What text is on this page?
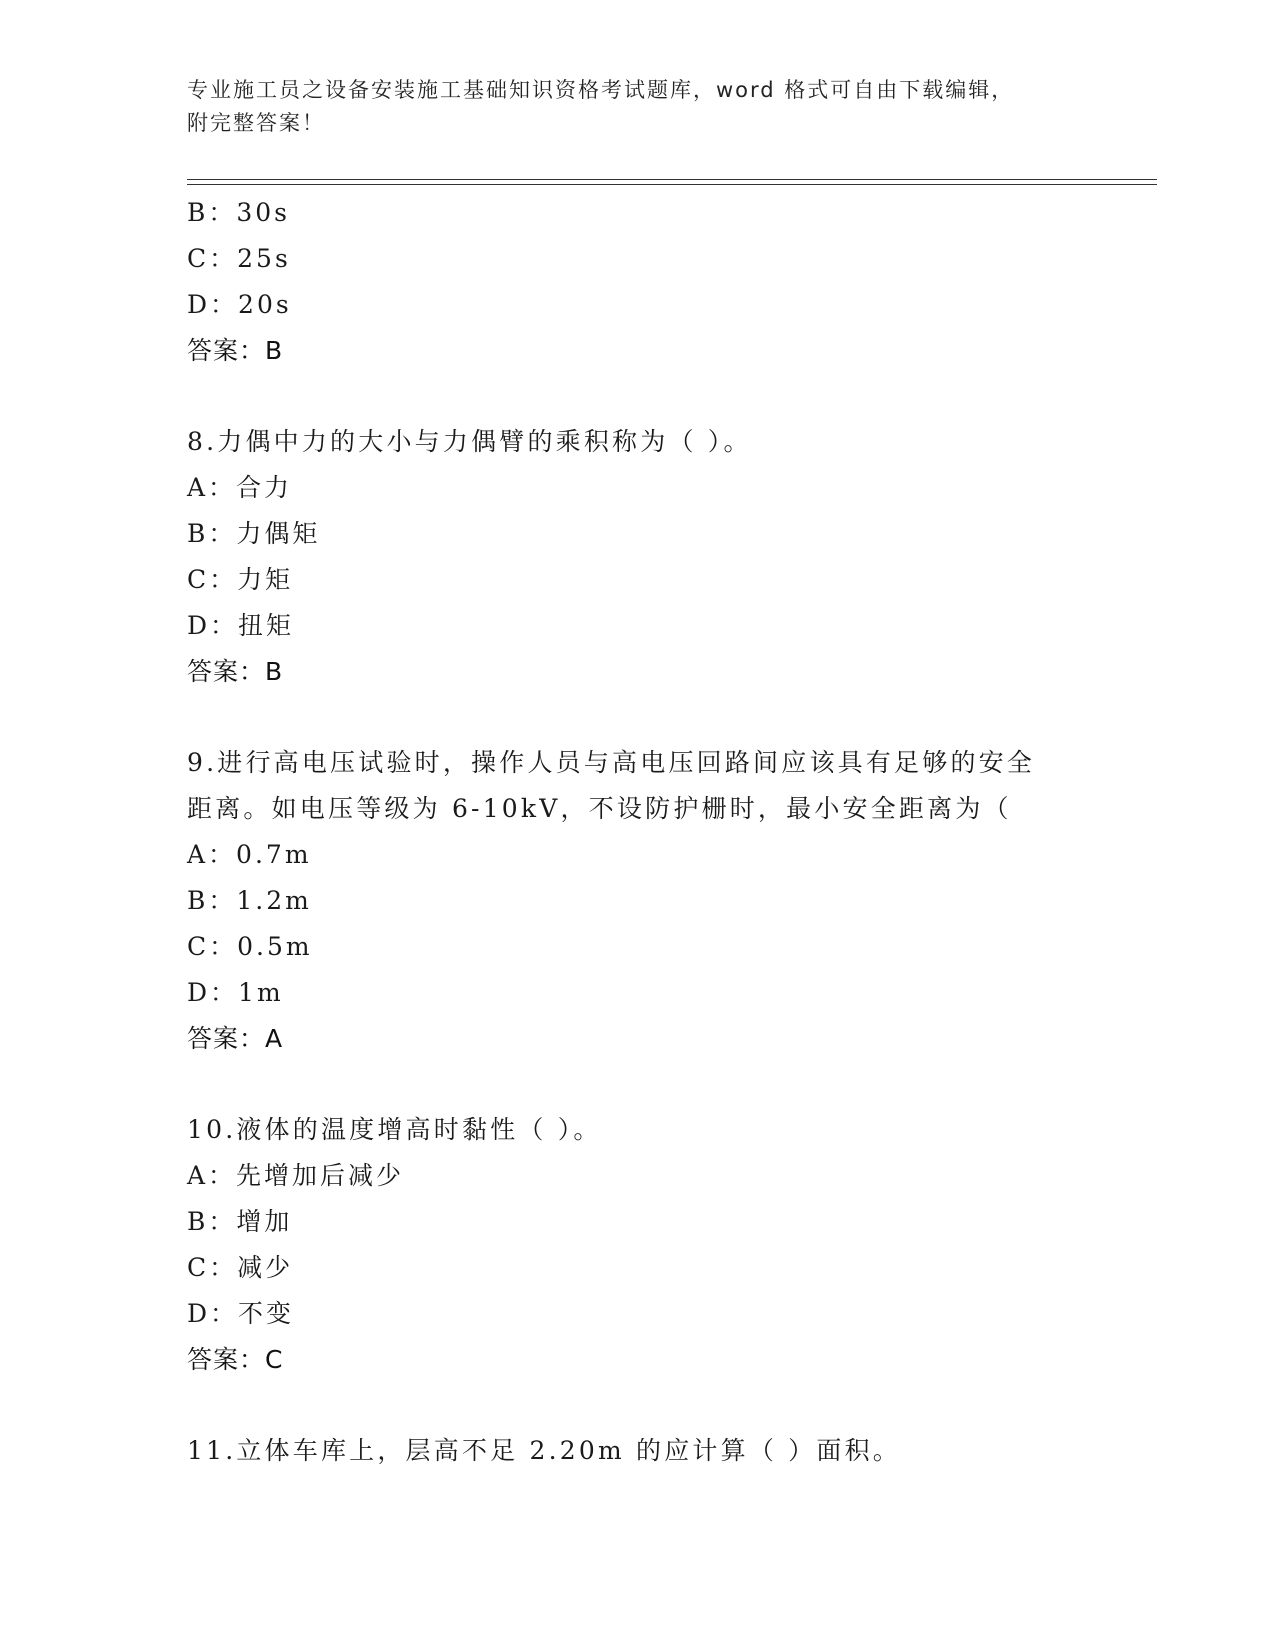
专业施工员之设备安装施工基础知识资格考试题库，word 格式可自由下载编辑，
附完整答案！
B：30s
C：25s
D：20s
答案：B
8.力偶中力的大小与力偶臂的乘积称为（ ）。
A：合力
B：力偶矩
C：力矩
D：扭矩
答案：B
9.进行高电压试验时，操作人员与高电压回路间应该具有足够的安全
距离。如电压等级为 6-10kV，不设防护栅时，最小安全距离为（
A：0.7m
B：1.2m
C：0.5m
D：1m
答案：A
10.液体的温度增高时黏性（ ）。
A：先增加后减少
B：增加
C：减少
D：不变
答案：C
11.立体车库上，层高不足 2.20m 的应计算（ ）面积。
